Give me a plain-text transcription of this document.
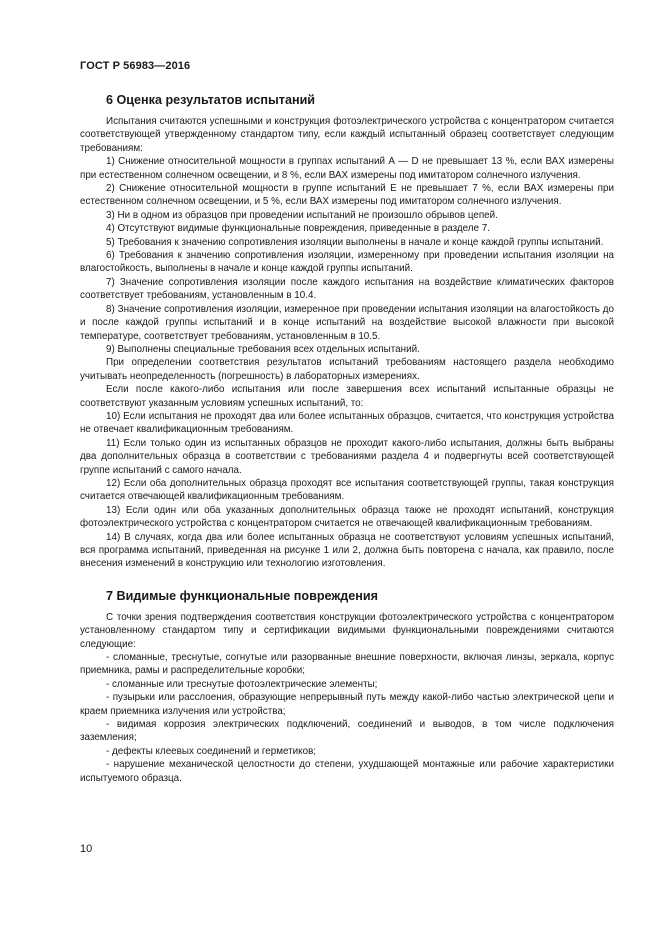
ГОСТ Р 56983—2016
6 Оценка результатов испытаний

Испытания считаются успешными и конструкция фотоэлектрического устройства с концентратором считается соответствующей утвержденному стандартом типу, если каждый испытанный образец соответствует следующим требованиям:

1) Снижение относительной мощности в группах испытаний А — D не превышает 13 %, если ВАХ измерены при естественном солнечном освещении, и 8 %, если ВАХ измерены под имитатором солнечного излучения.

2) Снижение относительной мощности в группе испытаний Е не превышает 7 %, если ВАХ измерены при естественном солнечном освещении, и 5 %, если ВАХ измерены под имитатором солнечного излучения.

3) Ни в одном из образцов при проведении испытаний не произошло обрывов цепей.

4) Отсутствуют видимые функциональные повреждения, приведенные в разделе 7.

5) Требования к значению сопротивления изоляции выполнены в начале и конце каждой группы испытаний.

6) Требования к значению сопротивления изоляции, измеренному при проведении испытания изоляции на влагостойкость, выполнены в начале и конце каждой группы испытаний.

7) Значение сопротивления изоляции после каждого испытания на воздействие климатических факторов соответствует требованиям, установленным в 10.4.

8) Значение сопротивления изоляции, измеренное при проведении испытания изоляции на влагостойкость до и после каждой группы испытаний и в конце испытаний на воздействие высокой влажности при высокой температуре, соответствует требованиям, установленным в 10.5.

9) Выполнены специальные требования всех отдельных испытаний.

При определении соответствия результатов испытаний требованиям настоящего раздела необходимо учитывать неопределенность (погрешность) в лабораторных измерениях.

Если после какого-либо испытания или после завершения всех испытаний испытанные образцы не соответствуют указанным условиям успешных испытаний, то:

10) Если испытания не проходят два или более испытанных образцов, считается, что конструкция устройства не отвечает квалификационным требованиям.

11) Если только один из испытанных образцов не проходит какого-либо испытания, должны быть выбраны два дополнительных образца в соответствии с требованиями раздела 4 и подвергнуты всей соответствующей группе испытаний с самого начала.

12) Если оба дополнительных образца проходят все испытания соответствующей группы, такая конструкция считается отвечающей квалификационным требованиям.

13) Если один или оба указанных дополнительных образца также не проходят испытаний, конструкция фотоэлектрического устройства с концентратором считается не отвечающей квалификационным требованиям.

14) В случаях, когда два или более испытанных образца не соответствуют условиям успешных испытаний, вся программа испытаний, приведенная на рисунке 1 или 2, должна быть повторена с начала, как правило, после внесения изменений в конструкцию или технологию изготовления.

7 Видимые функциональные повреждения

С точки зрения подтверждения соответствия конструкции фотоэлектрического устройства с концентратором установленному стандартом типу и сертификации видимыми функциональными повреждениями считаются следующие:

- сломанные, треснутые, согнутые или разорванные внешние поверхности, включая линзы, зеркала, корпус приемника, рамы и распределительные коробки;

- сломанные или треснутые фотоэлектрические элементы;

- пузырьки или расслоения, образующие непрерывный путь между какой-либо частью электрической цепи и краем приемника излучения или устройства;

- видимая коррозия электрических подключений, соединений и выводов, в том числе подключения заземления;

- дефекты клеевых соединений и герметиков;

- нарушение механической целостности до степени, ухудшающей монтажные или рабочие характеристики испытуемого образца.

10
